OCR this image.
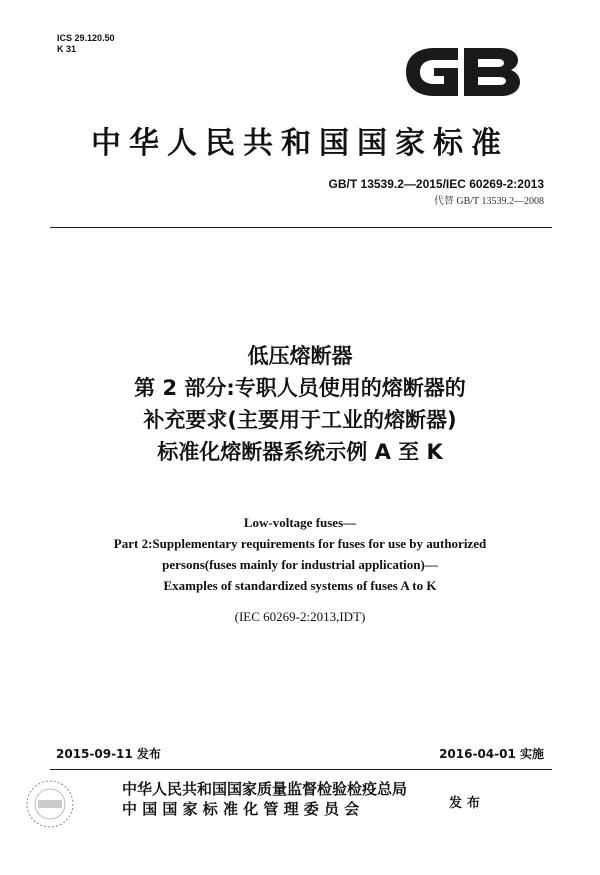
ICS 29.120.50
K 31
中华人民共和国国家标准
GB/T 13539.2—2015/IEC 60269-2:2013
代替 GB/T 13539.2—2008
低压熔断器
第 2 部分:专职人员使用的熔断器的
补充要求(主要用于工业的熔断器)
标准化熔断器系统示例 A 至 K
Low-voltage fuses—
Part 2:Supplementary requirements for fuses for use by authorized
persons(fuses mainly for industrial application)—
Examples of standardized systems of fuses A to K
(IEC 60269-2:2013,IDT)
2015-09-11 发布	2016-04-01 实施
中华人民共和国国家质量监督检验检疫总局
中国国家标准化管理委员会	发布
